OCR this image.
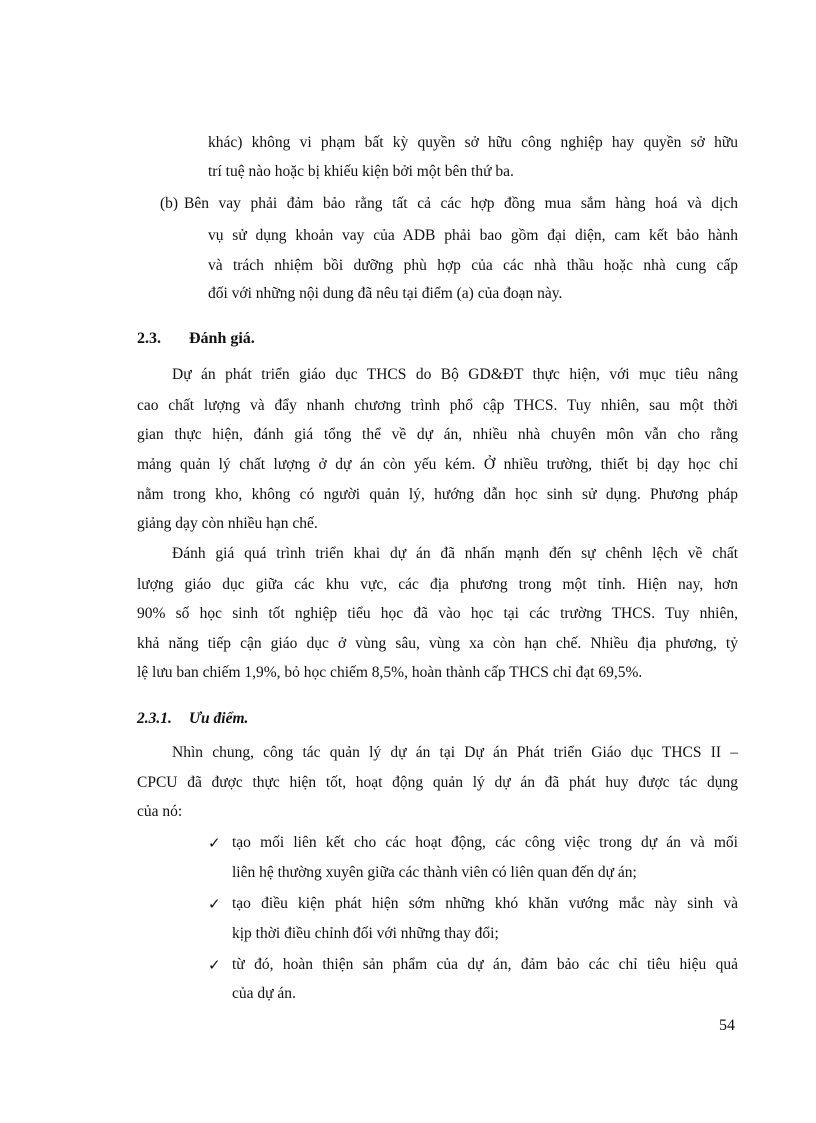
khác) không vi phạm bất kỳ quyền sở hữu công nghiệp hay quyền sở hữu
trí tuệ nào hoặc bị khiếu kiện bởi một bên thứ ba.
(b) Bên vay phải đảm bảo rằng tất cả các hợp đồng mua sắm hàng hoá và dịch
vụ sử dụng khoản vay của ADB phải bao gồm đại diện, cam kết bảo hành
và trách nhiệm bồi dưỡng phù hợp của các nhà thầu hoặc nhà cung cấp
đối với những nội dung đã nêu tại điểm (a) của đoạn này.
2.3. Đánh giá.
Dự án phát triển giáo dục THCS do Bộ GD&ĐT thực hiện, với mục tiêu nâng
cao chất lượng và đẩy nhanh chương trình phổ cập THCS. Tuy nhiên, sau một thời
gian thực hiện, đánh giá tổng thể về dự án, nhiều nhà chuyên môn vẫn cho rằng
mảng quản lý chất lượng ở dự án còn yếu kém. Ở nhiều trường, thiết bị dạy học chỉ
nằm trong kho, không có người quản lý, hướng dẫn học sinh sử dụng. Phương pháp
giảng dạy còn nhiều hạn chế.
Đánh giá quá trình triển khai dự án đã nhấn mạnh đến sự chênh lệch về chất
lượng giáo dục giữa các khu vực, các địa phương trong một tỉnh. Hiện nay, hơn
90% số học sinh tốt nghiệp tiểu học đã vào học tại các trường THCS. Tuy nhiên,
khả năng tiếp cận giáo dục ở vùng sâu, vùng xa còn hạn chế. Nhiều địa phương, tỷ
lệ lưu ban chiếm 1,9%, bỏ học chiếm 8,5%, hoàn thành cấp THCS chỉ đạt 69,5%.
2.3.1. Ưu điểm.
Nhìn chung, công tác quản lý dự án tại Dự án Phát triển Giáo dục THCS II –
CPCU đã được thực hiện tốt, hoạt động quản lý dự án đã phát huy được tác dụng
của nó:
✓ tạo mối liên kết cho các hoạt động, các công việc trong dự án và mối
liên hệ thường xuyên giữa các thành viên có liên quan đến dự án;
✓ tạo điều kiện phát hiện sớm những khó khăn vướng mắc này sinh và
kịp thời điều chỉnh đối với những thay đổi;
✓ từ đó, hoàn thiện sản phẩm của dự án, đảm bảo các chỉ tiêu hiệu quả
của dự án.
54
